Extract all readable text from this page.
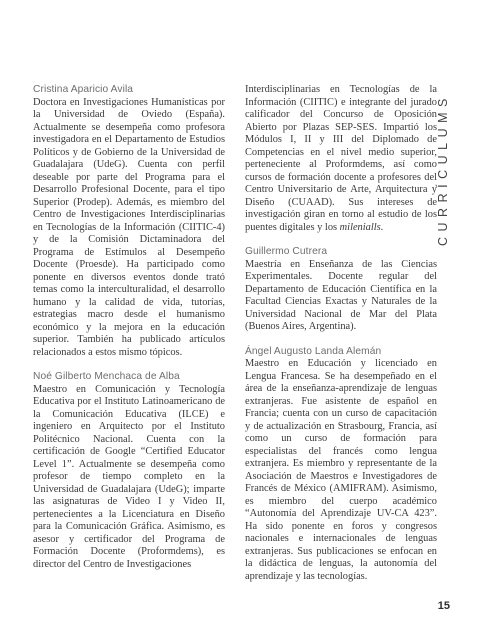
Cristina Aparicio Avila

Doctora en Investigaciones Humanísticas por la Universidad de Oviedo (España). Actualmente se desempeña como profesora investigadora en el Departamento de Estudios Políticos y de Gobierno de la Universidad de Guadalajara (UdeG). Cuenta con perfil deseable por parte del Programa para el Desarrollo Profesional Docente, para el tipo Superior (Prodep). Además, es miembro del Centro de Investigaciones Interdisciplinarias en Tecnologías de la Información (CIITIC-4) y de la Comisión Dictaminadora del Programa de Estímulos al Desempeño Docente (Proesde). Ha participado como ponente en diversos eventos donde trató temas como la interculturalidad, el desarrollo humano y la calidad de vida, tutorías, estrategias macro desde el humanismo económico y la mejora en la educación superior. También ha publicado artículos relacionados a estos mismo tópicos.

Noé Gilberto Menchaca de Alba

Maestro en Comunicación y Tecnología Educativa por el Instituto Latinoamericano de la Comunicación Educativa (ILCE) e ingeniero en Arquitecto por el Instituto Politécnico Nacional. Cuenta con la certificación de Google “Certified Educator Level 1”. Actualmente se desempeña como profesor de tiempo completo en la Universidad de Guadalajara (UdeG); imparte las asignaturas de Video I y Video II, pertenecientes a la Licenciatura en Diseño para la Comunicación Gráfica. Asimismo, es asesor y certificador del Programa de Formación Docente (Proformdems), es director del Centro de Investigaciones

Interdisciplinarias en Tecnologías de la Información (CIITIC) e integrante del jurado calificador del Concurso de Oposición Abierto por Plazas SEP-SES. Impartió los Módulos I, II y III del Diplomado de Competencias en el nivel medio superior, perteneciente al Proformdems, así como cursos de formación docente a profesores del Centro Universitario de Arte, Arquitectura y Diseño (CUAAD). Sus intereses de investigación giran en torno al estudio de los puentes digitales y los milenialls.

Guillermo Cutrera

Maestría en Enseñanza de las Ciencias Experimentales. Docente regular del Departamento de Educación Científica en la Facultad Ciencias Exactas y Naturales de la Universidad Nacional de Mar del Plata (Buenos Aires, Argentina).

Ángel Augusto Landa Alemán

Maestro en Educación y licenciado en Lengua Francesa. Se ha desempeñado en el área de la enseñanza-aprendizaje de lenguas extranjeras. Fue asistente de español en Francia; cuenta con un curso de capacitación y de actualización en Strasbourg, Francia, así como un curso de formación para especialistas del francés como lengua extranjera. Es miembro y representante de la Asociación de Maestros e Investigadores de Francés de México (AMIFRAM). Asimismo, es miembro del cuerpo académico “Autonomía del Aprendizaje UV-CA 423”. Ha sido ponente en foros y congresos nacionales e internacionales de lenguas extranjeras. Sus publicaciones se enfocan en la didáctica de lenguas, la autonomía del aprendizaje y las tecnologías.

CURRÍCULUMS
15
